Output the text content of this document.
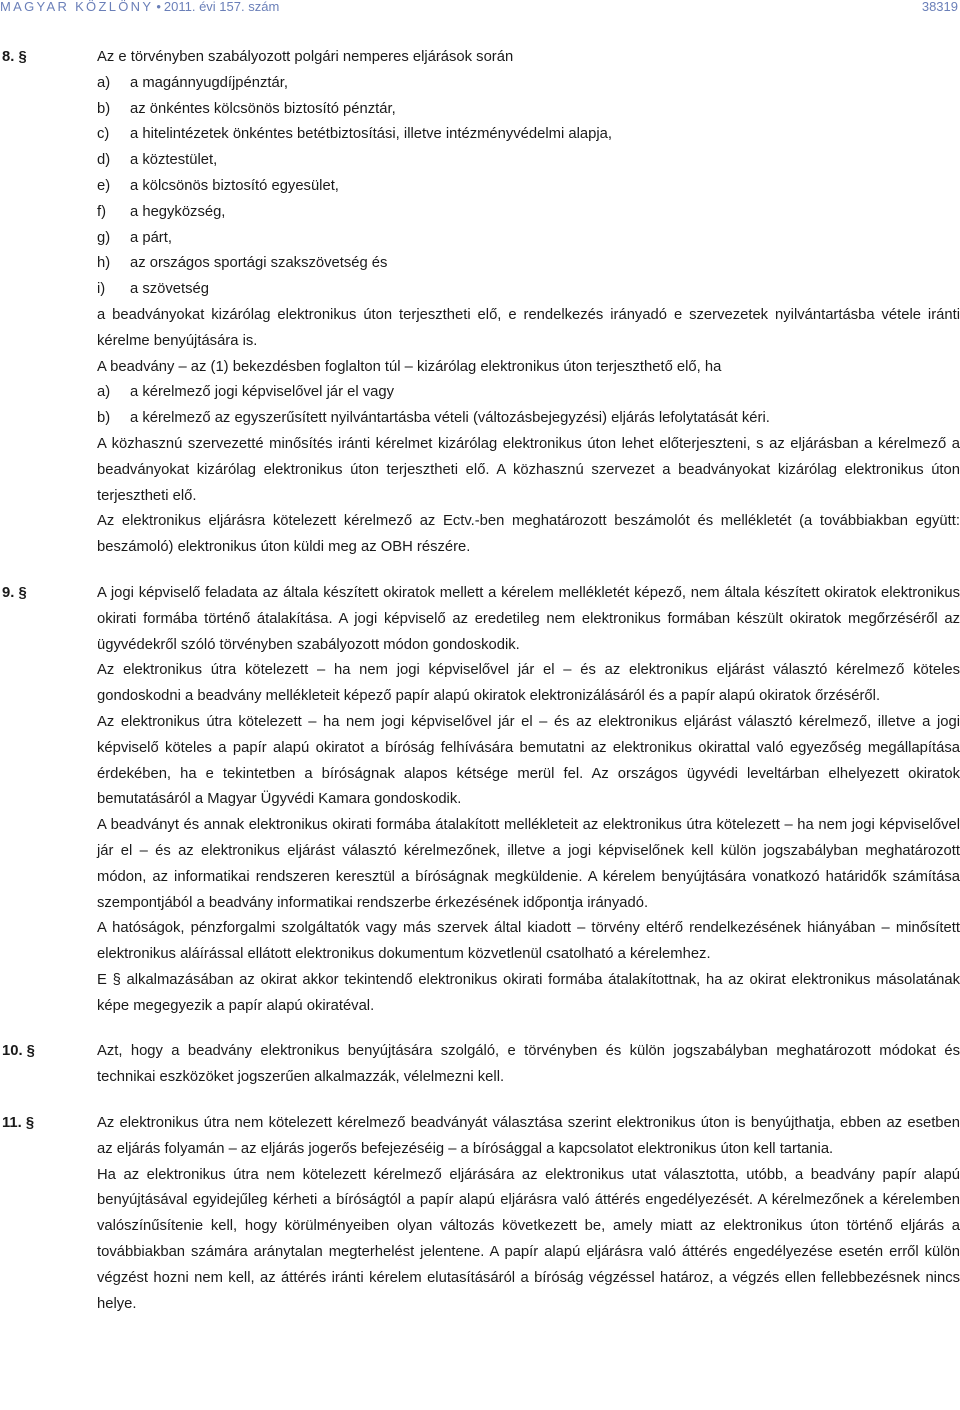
MAGYAR KÖZLÖNY • 2011. évi 157. szám	38319
8. §	Az e törvényben szabályozott polgári nemperes eljárások során
a) a magánnyugdíjpénztár,
b) az önkéntes kölcsönös biztosító pénztár,
c) a hitelintézetek önkéntes betétbiztosítási, illetve intézményvédelmi alapja,
d) a köztestület,
e) a kölcsönös biztosító egyesület,
f) a hegyközség,
g) a párt,
h) az országos sportági szakszövetség és
i) a szövetség
a beadványokat kizárólag elektronikus úton terjesztheti elő, e rendelkezés irányadó e szervezetek nyilvántartásba vétele iránti kérelme benyújtására is.
A beadvány – az (1) bekezdésben foglalton túl – kizárólag elektronikus úton terjeszthető elő, ha
a) a kérelmező jogi képviselővel jár el vagy
b) a kérelmező az egyszerűsített nyilvántartásba vételi (változásbejegyzési) eljárás lefolytatását kéri.
A közhasznú szervezetté minősítés iránti kérelmet kizárólag elektronikus úton lehet előterjeszteni, s az eljárásban a kérelmező a beadványokat kizárólag elektronikus úton terjesztheti elő. A közhasznú szervezet a beadványokat kizárólag elektronikus úton terjesztheti elő.
Az elektronikus eljárásra kötelezett kérelmező az Ectv.-ben meghatározott beszámolót és mellékletét (a továbbiakban együtt: beszámoló) elektronikus úton küldi meg az OBH részére.
9. §	A jogi képviselő feladata az általa készített okiratok mellett a kérelem mellékletét képező, nem általa készített okiratok elektronikus okirati formába történő átalakítása. A jogi képviselő az eredetileg nem elektronikus formában készült okiratok megőrzéséről az ügyvédekről szóló törvényben szabályozott módon gondoskodik.
Az elektronikus útra kötelezett – ha nem jogi képviselővel jár el – és az elektronikus eljárást választó kérelmező köteles gondoskodni a beadvány mellékleteit képező papír alapú okiratok elektronizálásáról és a papír alapú okiratok őrzéséről.
Az elektronikus útra kötelezett – ha nem jogi képviselővel jár el – és az elektronikus eljárást választó kérelmező, illetve a jogi képviselő köteles a papír alapú okiratot a bíróság felhívására bemutatni az elektronikus okirattal való egyezőség megállapítása érdekében, ha e tekintetben a bíróságnak alapos kétsége merül fel. Az országos ügyvédi leveltárban elhelyezett okiratok bemutatásáról a Magyar Ügyvédi Kamara gondoskodik.
A beadványt és annak elektronikus okirati formába átalakított mellékleteit az elektronikus útra kötelezett – ha nem jogi képviselővel jár el – és az elektronikus eljárást választó kérelmezőnek, illetve a jogi képviselőnek kell külön jogszabályban meghatározott módon, az informatikai rendszeren keresztül a bíróságnak megküldenie. A kérelem benyújtására vonatkozó határidők számítása szempontjából a beadvány informatikai rendszerbe érkezésének időpontja irányadó.
A hatóságok, pénzforgalmi szolgáltatók vagy más szervek által kiadott – törvény eltérő rendelkezésének hiányában – minősített elektronikus aláírással ellátott elektronikus dokumentum közvetlenül csatolható a kérelemhez.
E § alkalmazásában az okirat akkor tekintendő elektronikus okirati formába átalakítottnak, ha az okirat elektronikus másolatának képe megegyezik a papír alapú okiratéval.
10. §	Azt, hogy a beadvány elektronikus benyújtására szolgáló, e törvényben és külön jogszabályban meghatározott módokat és technikai eszközöket jogszerűen alkalmazzák, vélelmezni kell.
11. §	Az elektronikus útra nem kötelezett kérelmező beadványát választása szerint elektronikus úton is benyújthatja, ebben az esetben az eljárás folyamán – az eljárás jogerős befejezéséig – a bírósággal a kapcsolatot elektronikus úton kell tartania.
Ha az elektronikus útra nem kötelezett kérelmező eljárására az elektronikus utat választotta, utóbb, a beadvány papír alapú benyújtásával egyidejűleg kérheti a bíróságtól a papír alapú eljárásra való áttérés engedélyezését. A kérelmezőnek a kérelemben valószínűsítenie kell, hogy körülményeiben olyan változás következett be, amely miatt az elektronikus úton történő eljárás a továbbiakban számára aránytalan megterhelést jelentene. A papír alapú eljárásra való áttérés engedélyezése esetén erről külön végzést hozni nem kell, az áttérés iránti kérelem elutasításáról a bíróság végzéssel határoz, a végzés ellen fellebbezésnek nincs helye.
